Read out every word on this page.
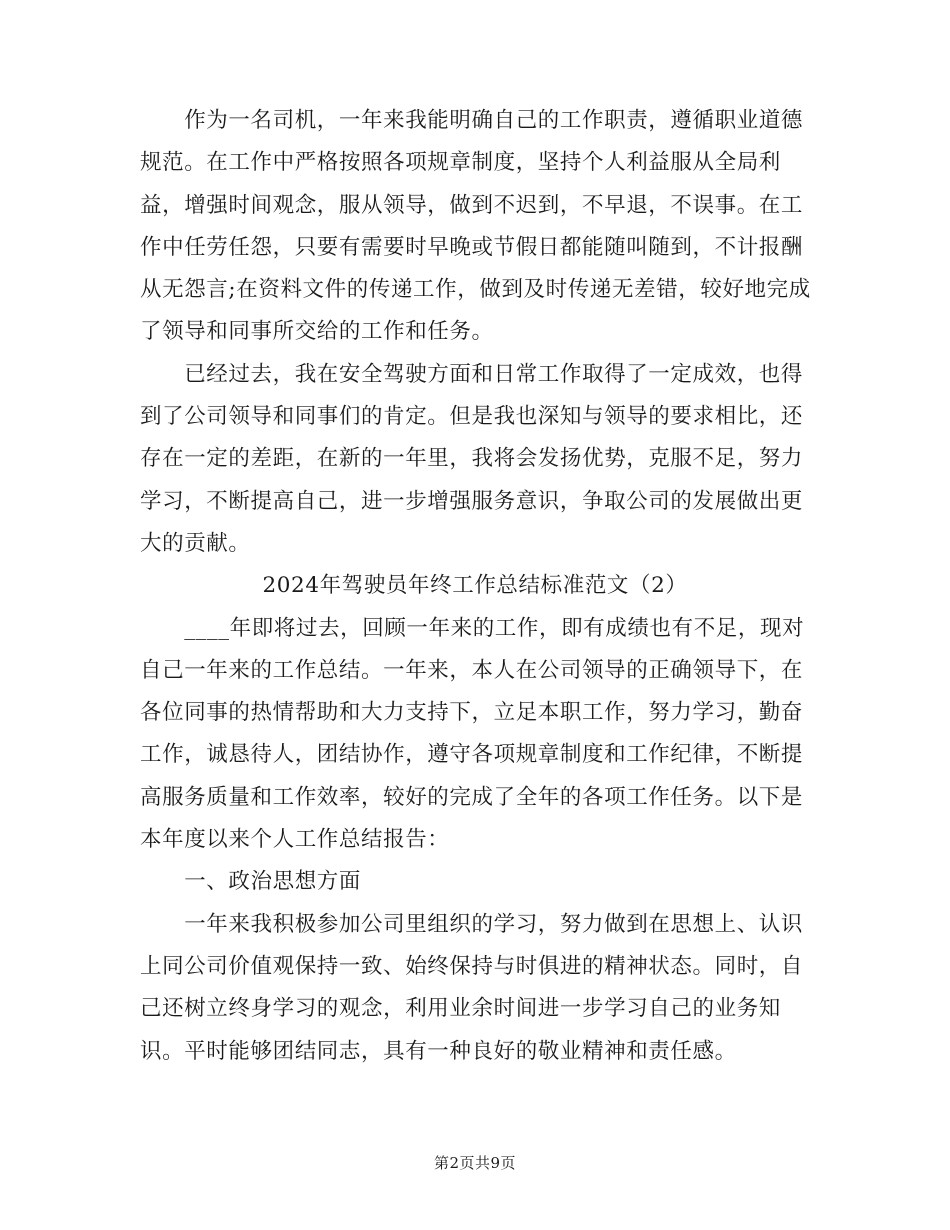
　　作为一名司机，一年来我能明确自己的工作职责，遵循职业道德
规范。在工作中严格按照各项规章制度，坚持个人利益服从全局利
益，增强时间观念，服从领导，做到不迟到，不早退，不误事。在工
作中任劳任怨，只要有需要时早晚或节假日都能随叫随到，不计报酬
从无怨言;在资料文件的传递工作，做到及时传递无差错，较好地完成
了领导和同事所交给的工作和任务。
　　已经过去，我在安全驾驶方面和日常工作取得了一定成效，也得
到了公司领导和同事们的肯定。但是我也深知与领导的要求相比，还
存在一定的差距，在新的一年里，我将会发扬优势，克服不足，努力
学习，不断提高自己，进一步增强服务意识，争取公司的发展做出更
大的贡献。
2024年驾驶员年终工作总结标准范文（2）
　　____年即将过去，回顾一年来的工作，即有成绩也有不足，现对
自己一年来的工作总结。一年来，本人在公司领导的正确领导下，在
各位同事的热情帮助和大力支持下，立足本职工作，努力学习，勤奋
工作，诚恳待人，团结协作，遵守各项规章制度和工作纪律，不断提
高服务质量和工作效率，较好的完成了全年的各项工作任务。以下是
本年度以来个人工作总结报告：
　　一、政治思想方面
　　一年来我积极参加公司里组织的学习，努力做到在思想上、认识
上同公司价值观保持一致、始终保持与时俱进的精神状态。同时，自
己还树立终身学习的观念，利用业余时间进一步学习自己的业务知
识。平时能够团结同志，具有一种良好的敬业精神和责任感。
第2页共9页
